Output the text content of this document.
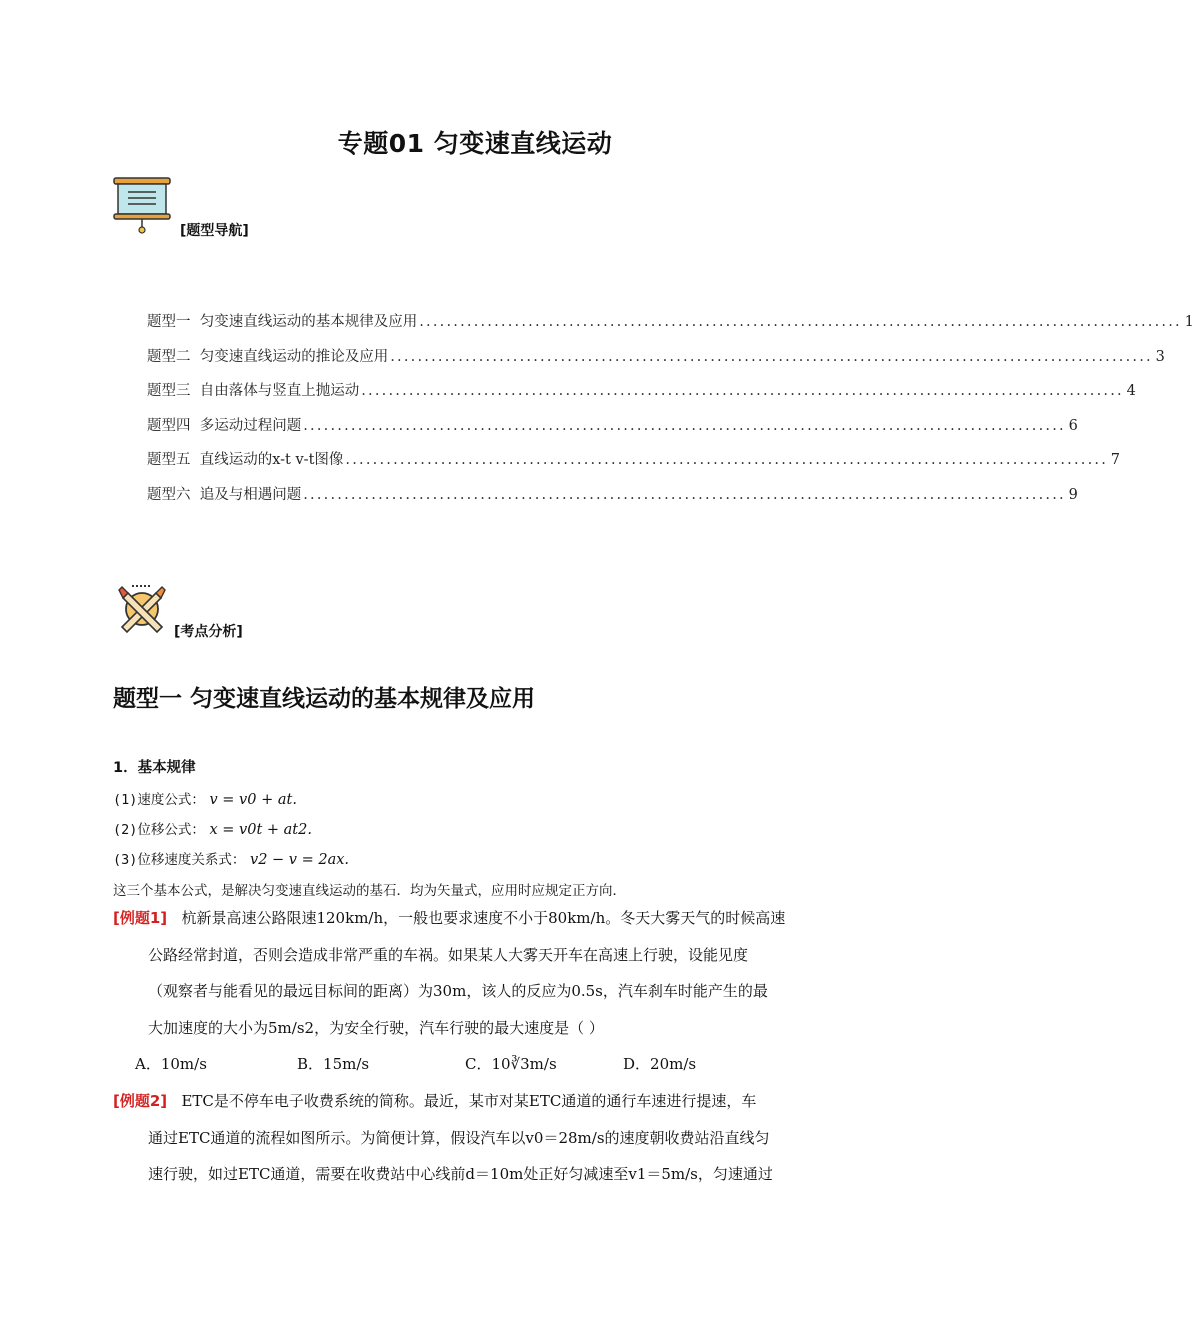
专题01 匀变速直线运动
[题型导航]
题型一  匀变速直线运动的基本规律及应用 ................................................................................................................ 1
题型二  匀变速直线运动的推论及应用 ................................................................................................................ 3
题型三  自由落体与竖直上抛运动 ................................................................................................................ 4
题型四  多运动过程问题 ................................................................................................................ 6
题型五  直线运动的x-t v-t图像 ................................................................................................................ 7
题型六  追及与相遇问题 ................................................................................................................ 9
[考点分析]
题型一 匀变速直线运动的基本规律及应用
1．基本规律
(1)速度公式： v = v0 + at.
(2)位移公式： x = v0t + at2.
(3)位移速度关系式： v2 − v = 2ax.
这三个基本公式，是解决匀变速直线运动的基石．均为矢量式，应用时应规定正方向．
[例题1] 杭新景高速公路限速120km/h，一般也要求速度不小于80km/h。冬天大雾天气的时候高速
公路经常封道，否则会造成非常严重的车祸。如果某人大雾天开车在高速上行驶，设能见度
（观察者与能看见的最远目标间的距离）为30m，该人的反应为0.5s，汽车刹车时能产生的最
大加速度的大小为5m/s2，为安全行驶，汽车行驶的最大速度是（ ）
A．10m/s	B．15m/s	C．10∛3m/s	D．20m/s
[例题2] ETC是不停车电子收费系统的简称。最近，某市对某ETC通道的通行车速进行提速，车
通过ETC通道的流程如图所示。为简便计算，假设汽车以v0＝28m/s的速度朝收费站沿直线匀
速行驶，如过ETC通道，需要在收费站中心线前d＝10m处正好匀减速至v1＝5m/s，匀速通过
